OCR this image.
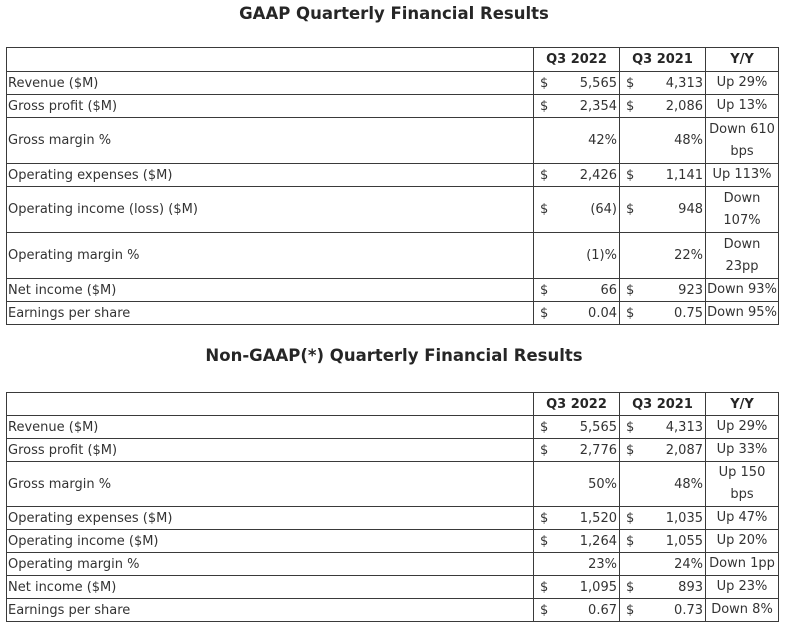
GAAP Quarterly Financial Results
	Q3 2022	Q3 2021	Y/Y
Revenue ($M)	$ 5,565	$ 4,313	Up 29%
Gross profit ($M)	$ 2,354	$ 2,086	Up 13%
Gross margin %	42%	48%	Down 610 bps
Operating expenses ($M)	$ 2,426	$ 1,141	Up 113%
Operating income (loss) ($M)	$ (64)	$ 948	Down 107%
Operating margin %	(1)%	22%	Down 23pp
Net income ($M)	$ 66	$ 923	Down 93%
Earnings per share	$ 0.04	$ 0.75	Down 95%
Non-GAAP(*) Quarterly Financial Results
	Q3 2022	Q3 2021	Y/Y
Revenue ($M)	$ 5,565	$ 4,313	Up 29%
Gross profit ($M)	$ 2,776	$ 2,087	Up 33%
Gross margin %	50%	48%	Up 150 bps
Operating expenses ($M)	$ 1,520	$ 1,035	Up 47%
Operating income ($M)	$ 1,264	$ 1,055	Up 20%
Operating margin %	23%	24%	Down 1pp
Net income ($M)	$ 1,095	$ 893	Up 23%
Earnings per share	$ 0.67	$ 0.73	Down 8%
